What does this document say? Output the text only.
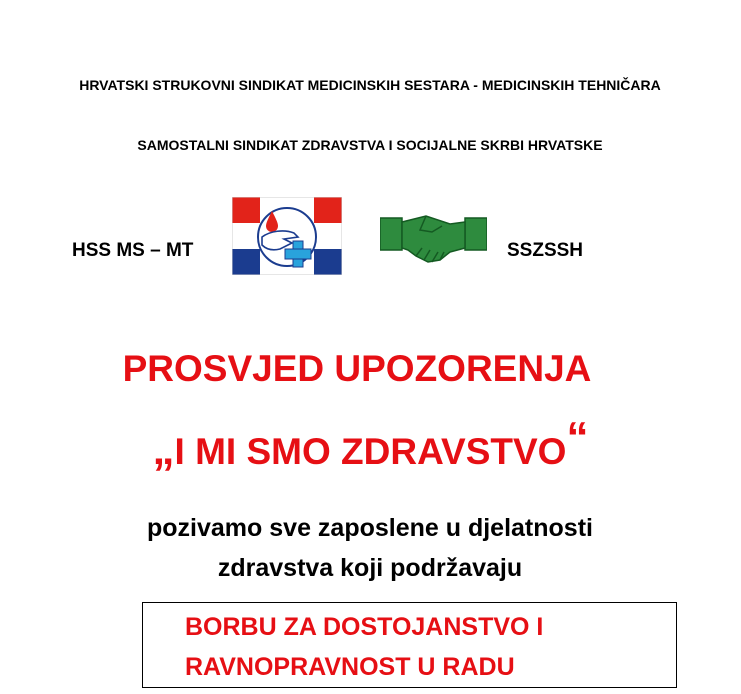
HRVATSKI STRUKOVNI SINDIKAT MEDICINSKIH SESTARA - MEDICINSKIH TEHNIČARA
SAMOSTALNI SINDIKAT ZDRAVSTVA I SOCIJALNE SKRBI HRVATSKE
HSS MS – MT	SSZSSH
PROSVJED UPOZORENJA
„I MI SMO ZDRAVSTVO“
pozivamo sve zaposlene u djelatnosti
zdravstva koji podržavaju
BORBU ZA DOSTOJANSTVO I
RAVNOPRAVNOST U RADU
